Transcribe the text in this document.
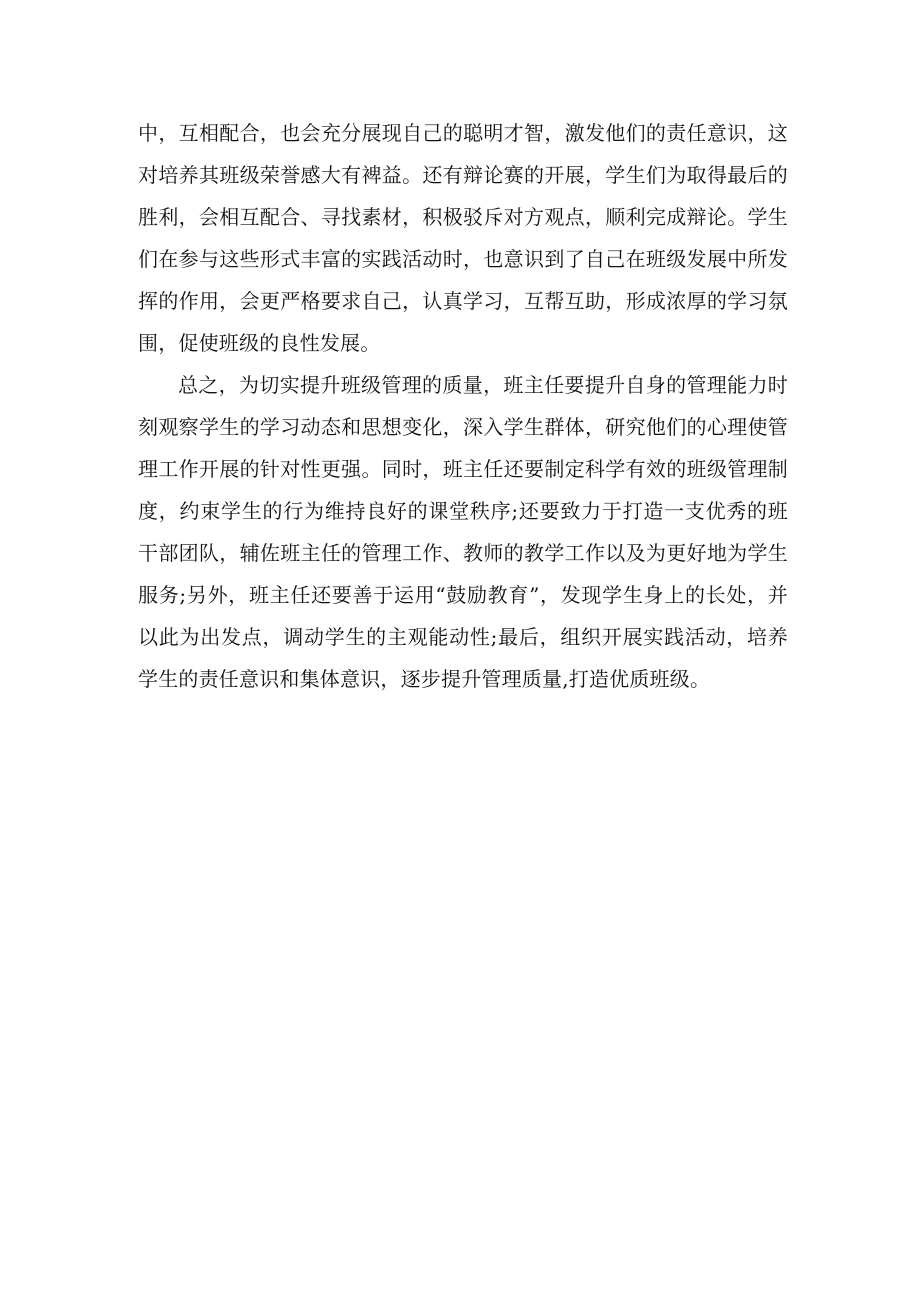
中，互相配合，也会充分展现自己的聪明才智，激发他们的责任意识，这对培养其班级荣誉感大有裨益。还有辩论赛的开展，学生们为取得最后的胜利，会相互配合、寻找素材，积极驳斥对方观点，顺利完成辩论。学生们在参与这些形式丰富的实践活动时，也意识到了自己在班级发展中所发挥的作用，会更严格要求自己，认真学习，互帮互助，形成浓厚的学习氛围，促使班级的良性发展。

总之，为切实提升班级管理的质量，班主任要提升自身的管理能力时刻观察学生的学习动态和思想变化，深入学生群体，研究他们的心理使管理工作开展的针对性更强。同时，班主任还要制定科学有效的班级管理制度，约束学生的行为维持良好的课堂秩序;还要致力于打造一支优秀的班干部团队，辅佐班主任的管理工作、教师的教学工作以及为更好地为学生服务;另外，班主任还要善于运用“鼓励教育”，发现学生身上的长处，并以此为出发点，调动学生的主观能动性;最后，组织开展实践活动，培养学生的责任意识和集体意识，逐步提升管理质量,打造优质班级。
